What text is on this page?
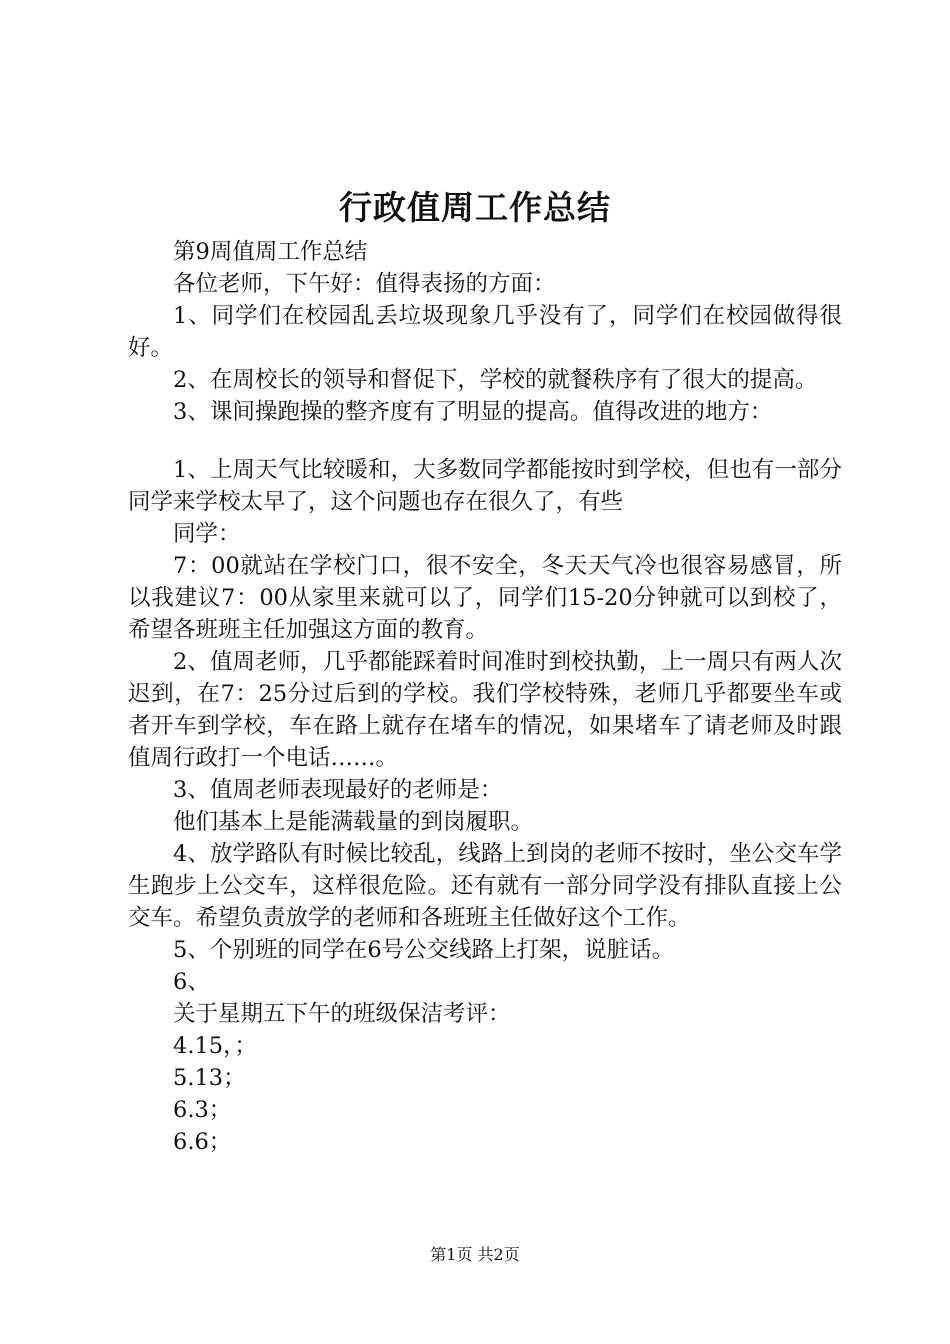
行政值周工作总结

第9周值周工作总结

各位老师，下午好：值得表扬的方面：

1、同学们在校园乱丢垃圾现象几乎没有了，同学们在校园做得很好。

2、在周校长的领导和督促下，学校的就餐秩序有了很大的提高。

3、课间操跑操的整齐度有了明显的提高。值得改进的地方：

1、上周天气比较暖和，大多数同学都能按时到学校，但也有一部分同学来学校太早了，这个问题也存在很久了，有些

同学：

7：00就站在学校门口，很不安全，冬天天气冷也很容易感冒，所以我建议7：00从家里来就可以了，同学们15-20分钟就可以到校了，希望各班班主任加强这方面的教育。

2、值周老师，几乎都能踩着时间准时到校执勤，上一周只有两人次迟到，在7：25分过后到的学校。我们学校特殊，老师几乎都要坐车或者开车到学校，车在路上就存在堵车的情况，如果堵车了请老师及时跟值周行政打一个电话……。

3、值周老师表现最好的老师是：

他们基本上是能满载量的到岗履职。

4、放学路队有时候比较乱，线路上到岗的老师不按时，坐公交车学生跑步上公交车，这样很危险。还有就有一部分同学没有排队直接上公交车。希望负责放学的老师和各班班主任做好这个工作。

5、个别班的同学在6号公交线路上打架，说脏话。

6、

关于星期五下午的班级保洁考评：

4.15，；

5.13；

6.3；

6.6；

第1页 共2页
